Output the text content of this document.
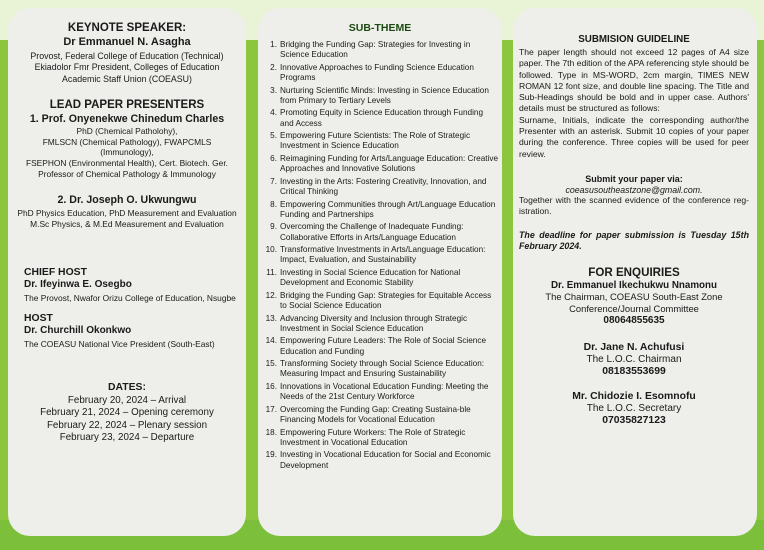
KEYNOTE SPEAKER:
Dr Emmanuel N. Asagha
Provost, Federal College of Education (Technical)
Ekiadolor Fmr President, Colleges of Education
Academic Staff Union (COEASU)
LEAD PAPER PRESENTERS
1. Prof. Onyenekwe Chinedum Charles
PhD (Chemical Patholohy),
FMLSCN (Chemical Pathology), FWAPCMLS (Immunology),
FSEPHON (Environmental Health), Cert. Biotech. Ger.
Professor of Chemical Pathology & Immunology
2. Dr. Joseph O. Ukwungwu
PhD Physics Education, PhD Measurement and Evaluation
M.Sc Physics, & M.Ed Measurement and Evaluation
CHIEF HOST
Dr. Ifeyinwa E. Osegbo
The Provost, Nwafor Orizu College of Education, Nsugbe
HOST
Dr. Churchill Okonkwo
The COEASU National Vice President (South-East)
DATES:
February 20, 2024 – Arrival
February 21, 2024 – Opening ceremony
February 22, 2024 – Plenary session
February 23, 2024 – Departure
SUB-THEME
1. Bridging the Funding Gap: Strategies for Investing in Science Education
2. Innovative Approaches to Funding Science Education Programs
3. Nurturing Scientific Minds: Investing in Science Education from Primary to Tertiary Levels
4. Promoting Equity in Science Education through Funding and Access
5. Empowering Future Scientists: The Role of Strategic Investment in Science Education
6. Reimagining Funding for Arts/Language Education: Creative Approaches and Innovative Solutions
7. Investing in the Arts: Fostering Creativity, Innovation, and Critical Thinking
8. Empowering Communities through Art/Language Education Funding and Partnerships
9. Overcoming the Challenge of Inadequate Funding: Collaborative Efforts in Arts/Language Education
10. Transformative Investments in Arts/Language Education: Impact, Evaluation, and Sustainability
11. Investing in Social Science Education for National Development and Economic Stability
12. Bridging the Funding Gap: Strategies for Equitable Access to Social Science Education
13. Advancing Diversity and Inclusion through Strategic Investment in Social Science Education
14. Empowering Future Leaders: The Role of Social Science Education and Funding
15. Transforming Society through Social Science Education: Measuring Impact and Ensuring Sustainability
16. Innovations in Vocational Education Funding: Meeting the Needs of the 21st Century Workforce
17. Overcoming the Funding Gap: Creating Sustaina-ble Financing Models for Vocational Education
18. Empowering Future Workers: The Role of Strategic Investment in Vocational Education
19. Investing in Vocational Education for Social and Economic Development
SUBMISION GUIDELINE
The paper length should not exceed 12 pages of A4 size paper. The 7th edition of the APA referencing style should be followed. Type in MS-WORD, 2cm margin, TIMES NEW ROMAN 12 font size, and double line spacing. The Title and Sub-Headings should be bold and in upper case. Authors' details must be structured as follows:
Surname, Initials, indicate the corresponding author/the Presenter with an asterisk. Submit 10 copies of your paper during the conference. Three copies will be used for peer review.
Submit your paper via:
coeasusoutheastzone@gmail.com.
Together with the scanned evidence of the conference reg-istration.
The deadline for paper submission is Tuesday 15th February 2024.
FOR ENQUIRIES
Dr. Emmanuel Ikechukwu Nnamonu
The Chairman, COEASU South-East Zone Conference/Journal Committee
08064855635
Dr. Jane N. Achufusi
The L.O.C. Chairman
08183553699
Mr. Chidozie I. Esomnofu
The L.O.C. Secretary
07035827123
